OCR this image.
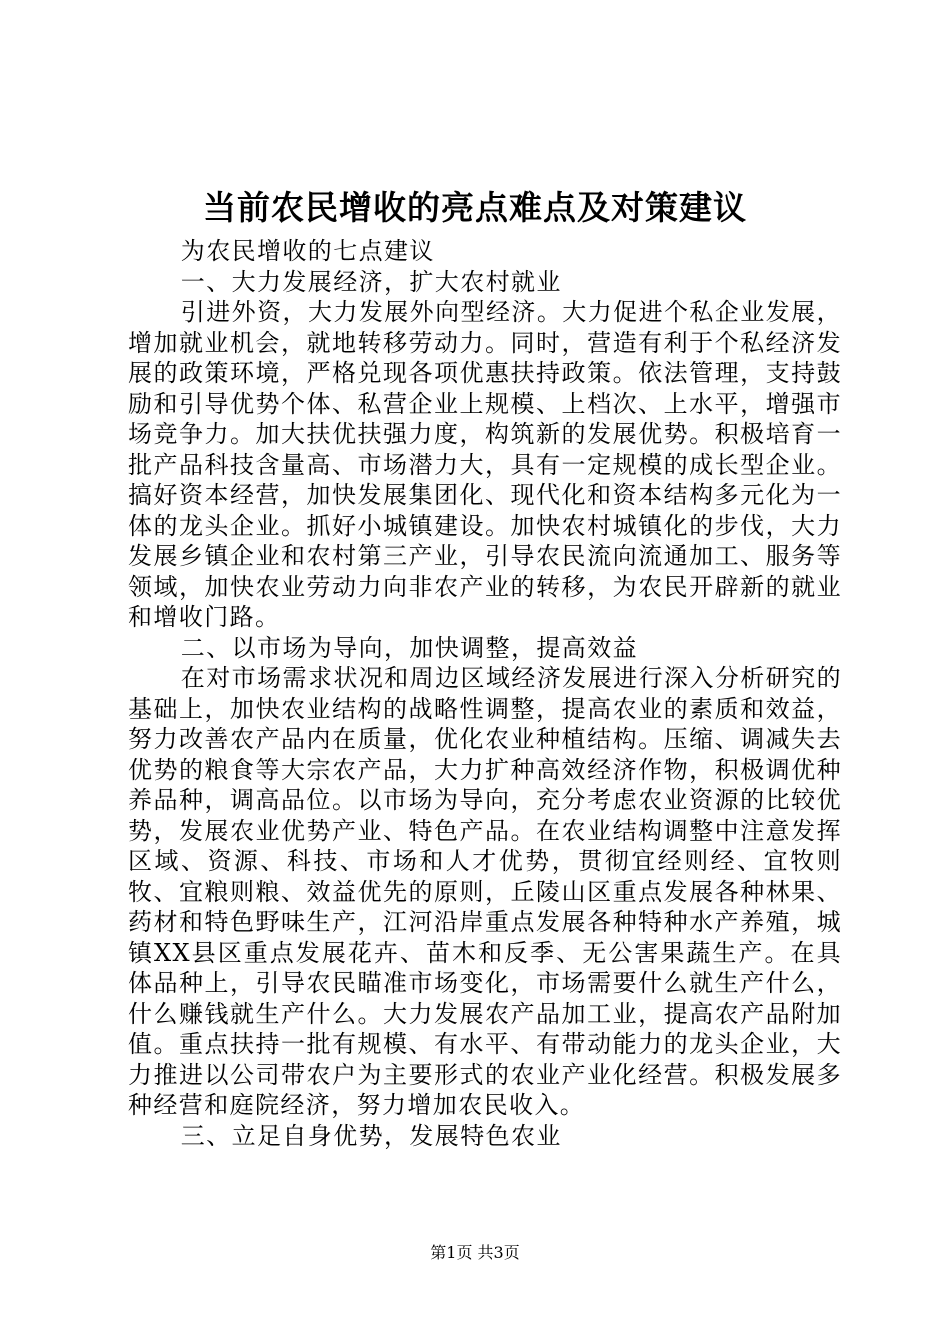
当前农民增收的亮点难点及对策建议

为农民增收的七点建议

一、大力发展经济，扩大农村就业

引进外资，大力发展外向型经济。大力促进个私企业发展，增加就业机会，就地转移劳动力。同时，营造有利于个私经济发展的政策环境，严格兑现各项优惠扶持政策。依法管理，支持鼓励和引导优势个体、私营企业上规模、上档次、上水平，增强市场竞争力。加大扶优扶强力度，构筑新的发展优势。积极培育一批产品科技含量高、市场潜力大，具有一定规模的成长型企业。搞好资本经营，加快发展集团化、现代化和资本结构多元化为一体的龙头企业。抓好小城镇建设。加快农村城镇化的步伐，大力发展乡镇企业和农村第三产业，引导农民流向流通加工、服务等领域，加快农业劳动力向非农产业的转移，为农民开辟新的就业和增收门路。

二、以市场为导向，加快调整，提高效益

在对市场需求状况和周边区域经济发展进行深入分析研究的基础上，加快农业结构的战略性调整，提高农业的素质和效益，努力改善农产品内在质量，优化农业种植结构。压缩、调减失去优势的粮食等大宗农产品，大力扩种高效经济作物，积极调优种养品种，调高品位。以市场为导向，充分考虑农业资源的比较优势，发展农业优势产业、特色产品。在农业结构调整中注意发挥区域、资源、科技、市场和人才优势，贯彻宜经则经、宜牧则牧、宜粮则粮、效益优先的原则，丘陵山区重点发展各种林果、药材和特色野味生产，江河沿岸重点发展各种特种水产养殖，城镇XX县区重点发展花卉、苗木和反季、无公害果蔬生产。在具体品种上，引导农民瞄准市场变化，市场需要什么就生产什么，什么赚钱就生产什么。大力发展农产品加工业，提高农产品附加值。重点扶持一批有规模、有水平、有带动能力的龙头企业，大力推进以公司带农户为主要形式的农业产业化经营。积极发展多种经营和庭院经济，努力增加农民收入。

三、立足自身优势，发展特色农业

第1页 共3页
